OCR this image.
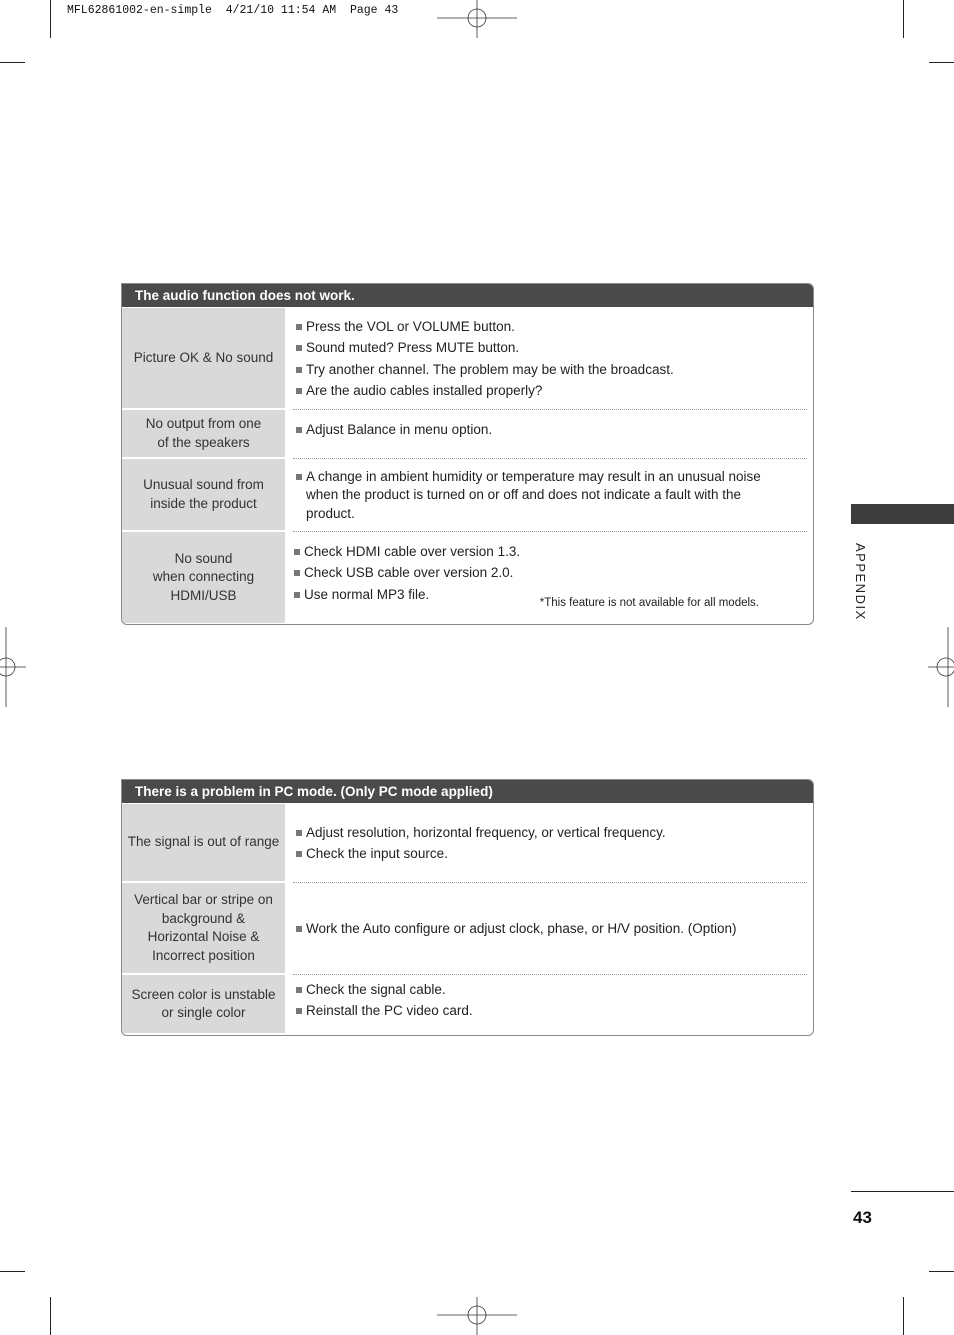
MFL62861002-en-simple  4/21/10 11:54 AM  Page 43
The audio function does not work.
Picture OK & No sound
Press the VOL or VOLUME button.
Sound muted? Press MUTE button.
Try another channel. The problem may be with the broadcast.
Are the audio cables installed properly?
No output from one
of the speakers
Adjust Balance in menu option.
Unusual sound from
inside the product
A change in ambient humidity or temperature may result in an unusual noise when the product is turned on or off and does not indicate a fault with the product.
No sound
when connecting
HDMI/USB
Check HDMI cable over version 1.3.
Check USB cable over version 2.0.
Use normal MP3 file.
*This feature is not available for all models.
There is a problem in PC mode. (Only PC mode applied)
The signal is out of range
Adjust resolution, horizontal frequency, or vertical frequency.
Check the input source.
Vertical bar or stripe on
background &
Horizontal Noise &
Incorrect position
Work the Auto configure or adjust clock, phase, or H/V position. (Option)
Screen color is unstable
or single color
Check the signal cable.
Reinstall the PC video card.
APPENDIX
43
